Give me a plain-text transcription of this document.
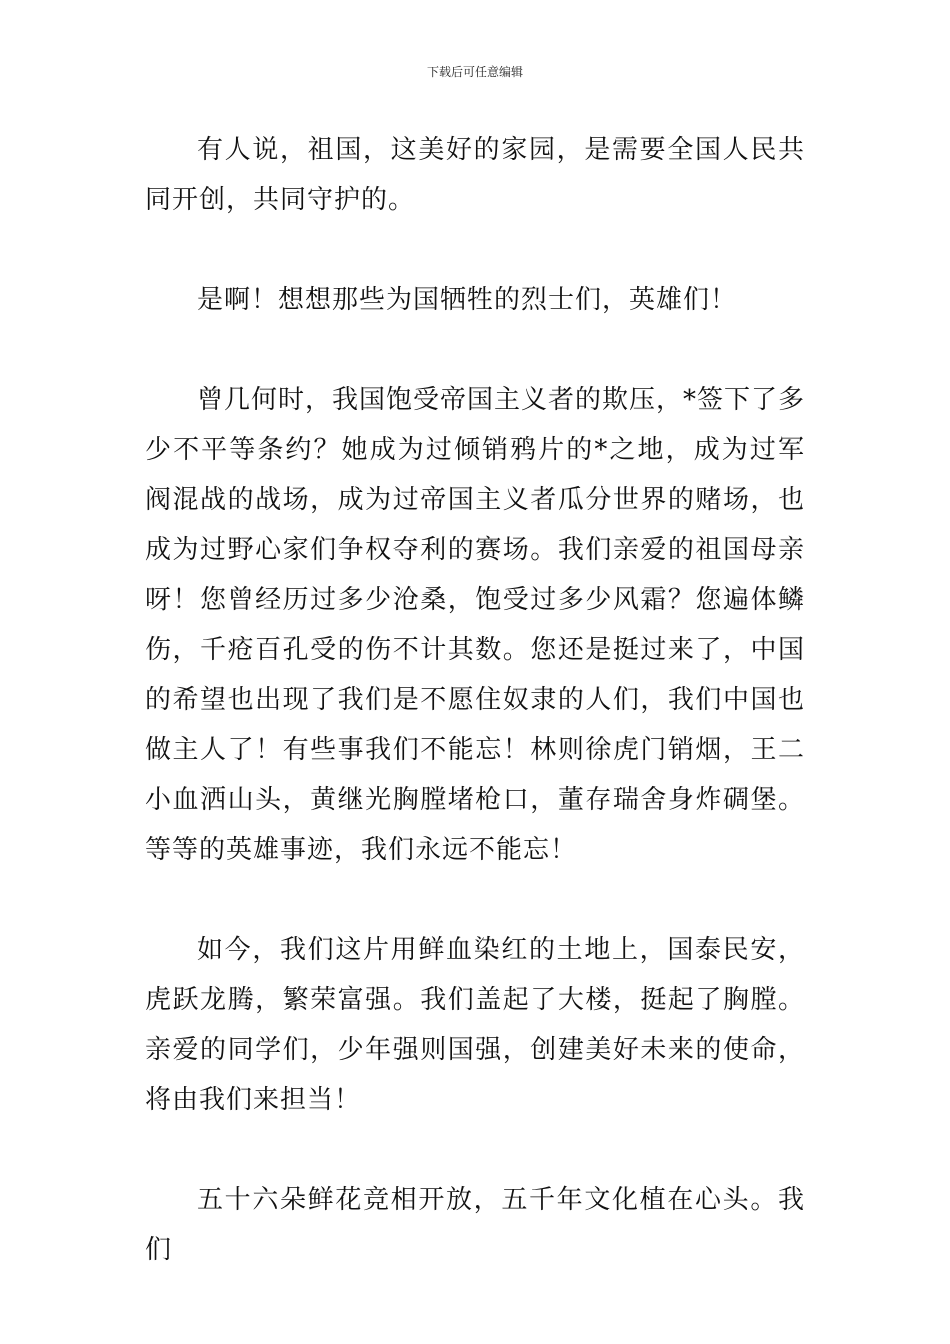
下载后可任意编辑

有人说，祖国，这美好的家园，是需要全国人民共同开创，共同守护的。

是啊！想想那些为国牺牲的烈士们，英雄们！

曾几何时，我国饱受帝国主义者的欺压，*签下了多少不平等条约？她成为过倾销鸦片的*之地，成为过军阀混战的战场，成为过帝国主义者瓜分世界的赌场，也成为过野心家们争权夺利的赛场。我们亲爱的祖国母亲呀！您曾经历过多少沧桑，饱受过多少风霜？您遍体鳞伤，千疮百孔受的伤不计其数。您还是挺过来了，中国的希望也出现了我们是不愿住奴隶的人们，我们中国也做主人了！有些事我们不能忘！林则徐虎门销烟，王二小血洒山头，黄继光胸膛堵枪口，董存瑞舍身炸碉堡。等等的英雄事迹，我们永远不能忘！

如今，我们这片用鲜血染红的土地上，国泰民安，虎跃龙腾，繁荣富强。我们盖起了大楼，挺起了胸膛。亲爱的同学们，少年强则国强，创建美好未来的使命，将由我们来担当！

五十六朵鲜花竞相开放，五千年文化植在心头。我们
